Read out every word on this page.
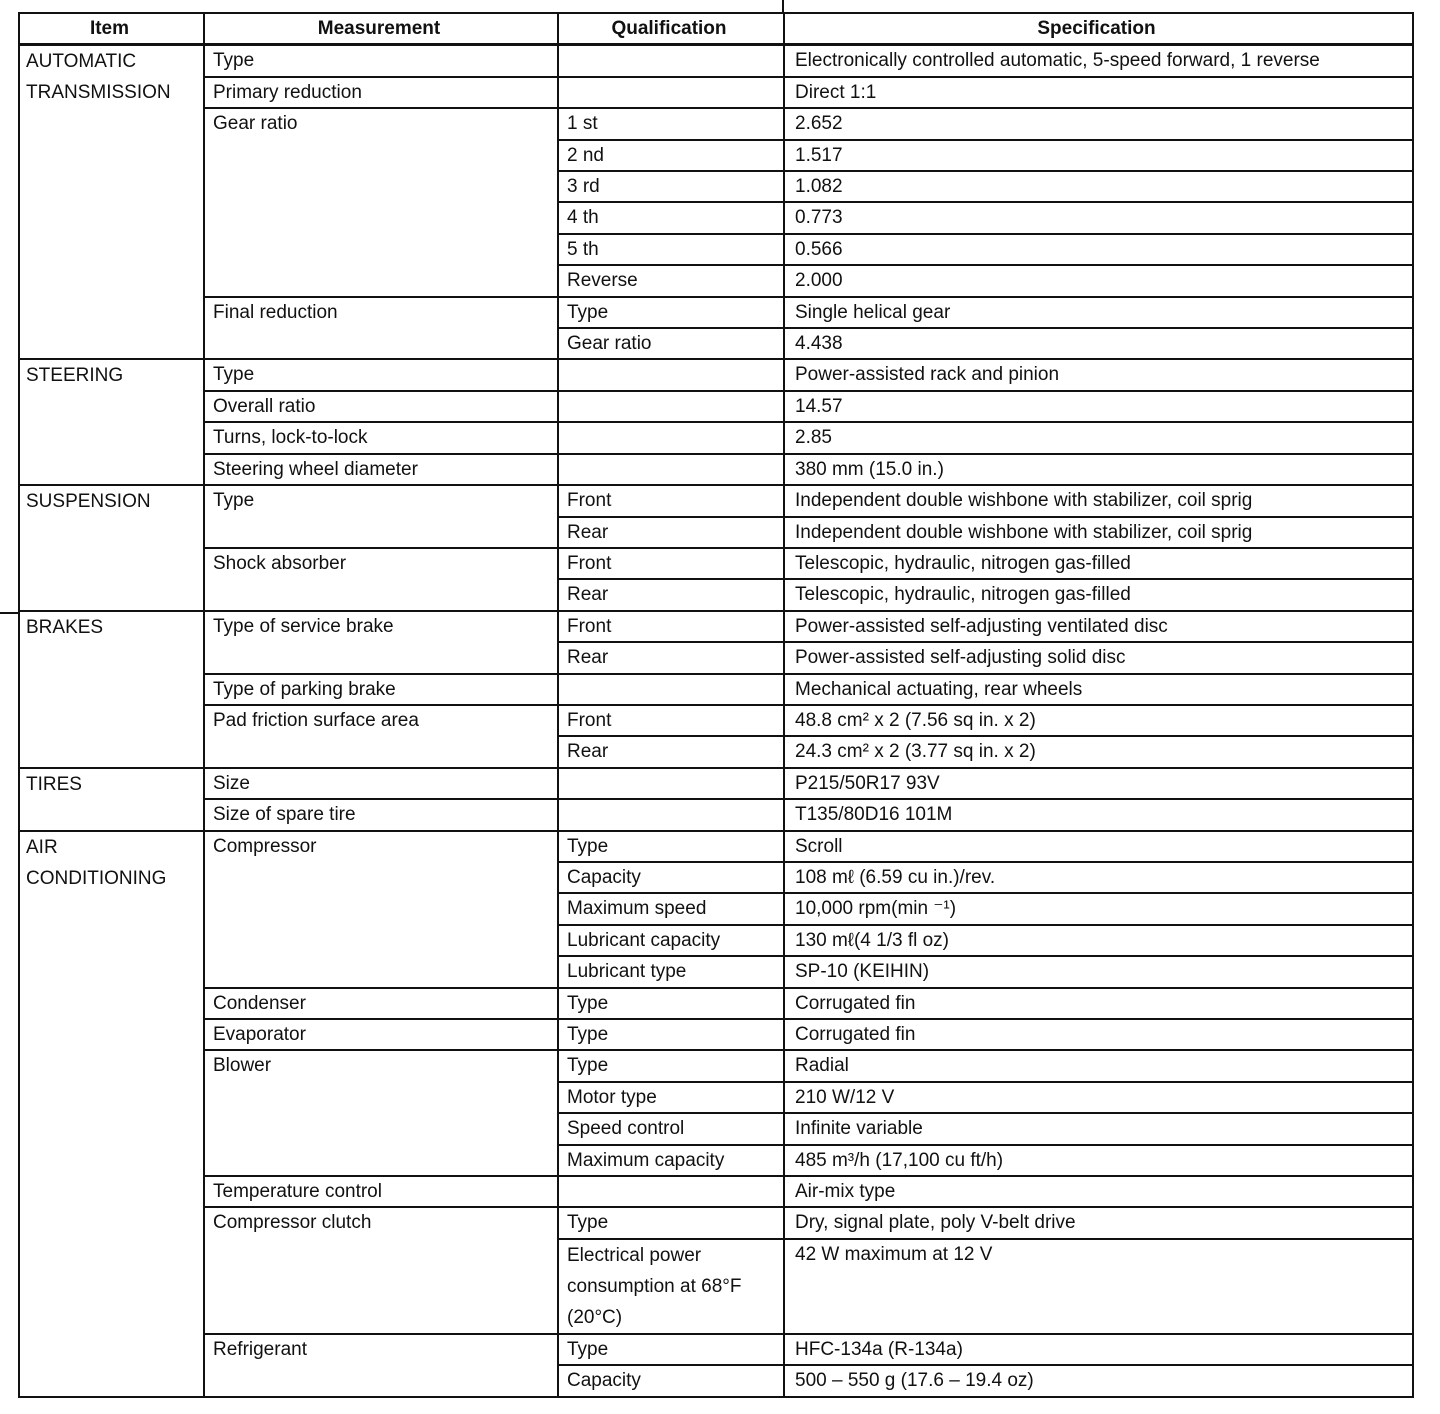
Item	Measurement	Qualification	Specification
AUTOMATIC TRANSMISSION	Type		Electronically controlled automatic, 5-speed forward, 1 reverse
	Primary reduction		Direct 1:1
	Gear ratio	1 st	2.652
		2 nd	1.517
		3 rd	1.082
		4 th	0.773
		5 th	0.566
		Reverse	2.000
	Final reduction	Type	Single helical gear
		Gear ratio	4.438
STEERING	Type		Power-assisted rack and pinion
	Overall ratio		14.57
	Turns, lock-to-lock		2.85
	Steering wheel diameter		380 mm (15.0 in.)
SUSPENSION	Type	Front	Independent double wishbone with stabilizer, coil sprig
		Rear	Independent double wishbone with stabilizer, coil sprig
	Shock absorber	Front	Telescopic, hydraulic, nitrogen gas-filled
		Rear	Telescopic, hydraulic, nitrogen gas-filled
BRAKES	Type of service brake	Front	Power-assisted self-adjusting ventilated disc
		Rear	Power-assisted self-adjusting solid disc
	Type of parking brake		Mechanical actuating, rear wheels
	Pad friction surface area	Front	48.8 cm² x 2 (7.56 sq in. x 2)
		Rear	24.3 cm² x 2 (3.77 sq in. x 2)
TIRES	Size		P215/50R17 93V
	Size of spare tire		T135/80D16 101M
AIR CONDITIONING	Compressor	Type	Scroll
		Capacity	108 mℓ (6.59 cu in.)/rev.
		Maximum speed	10,000 rpm(min ⁻¹)
		Lubricant capacity	130 mℓ(4 1/3 fl oz)
		Lubricant type	SP-10 (KEIHIN)
	Condenser	Type	Corrugated fin
	Evaporator	Type	Corrugated fin
	Blower	Type	Radial
		Motor type	210 W/12 V
		Speed control	Infinite variable
		Maximum capacity	485 m³/h (17,100 cu ft/h)
	Temperature control		Air-mix type
	Compressor clutch	Type	Dry, signal plate, poly V-belt drive
		Electrical power consumption at 68°F (20°C)	42 W maximum at 12 V
	Refrigerant	Type	HFC-134a (R-134a)
		Capacity	500 – 550 g (17.6 – 19.4 oz)
